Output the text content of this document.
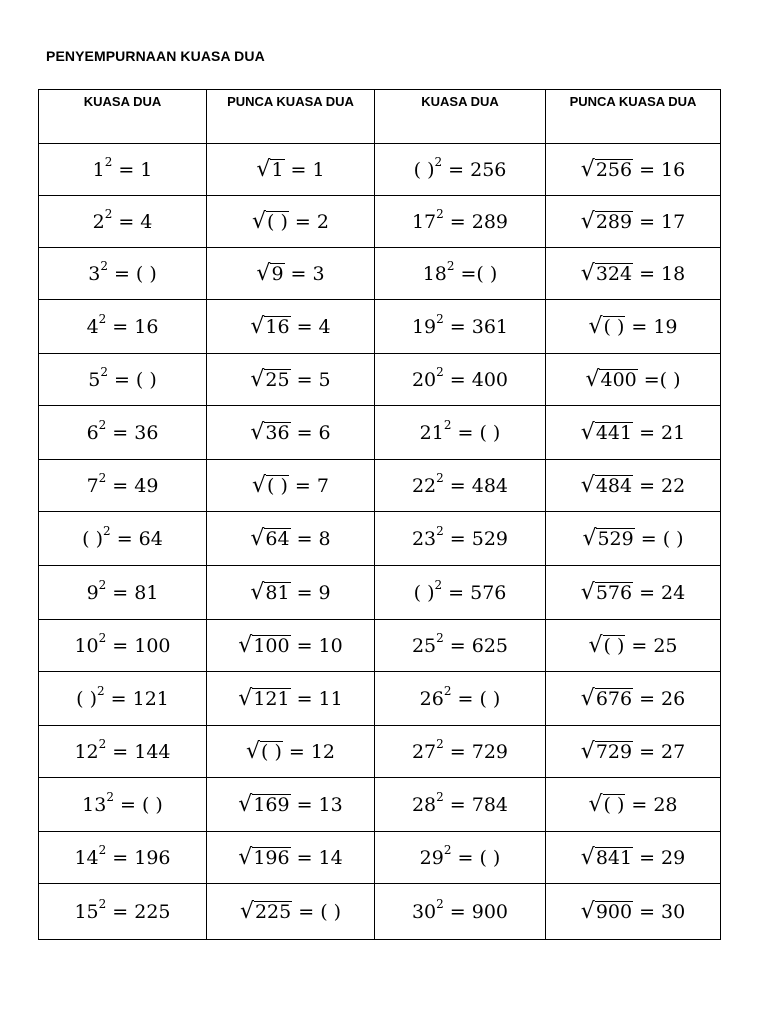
PENYEMPURNAAN KUASA DUA
KUASA DUA	PUNCA KUASA DUA	KUASA DUA	PUNCA KUASA DUA
$1^2 = 1$	√ 1 = 1	( )$^2$ = 256	√ 256 = 16
$2^2 = 4$	√ ( ) = 2	$17^2 = 289$	√ 289 = 17
$3^2$ = ( )	√ 9 = 3	$18^2$ =( )	√ 324 = 18
$4^2 = 16$	√ 16 = 4	$19^2 = 361$	√ ( ) = 19
$5^2$ = ( )	√ 25 = 5	$20^2 = 400$	√ 400 =( )
$6^2 = 36$	√ 36 = 6	$21^2$ = ( )	√ 441 = 21
$7^2 = 49$	√ ( ) = 7	$22^2 = 484$	√ 484 = 22
( )$^2$ = 64	√ 64 = 8	$23^2 = 529$	√ 529 = ( )
$9^2 = 81$	√ 81 = 9	( )$^2$ = 576	√ 576 = 24
$10^2 = 100$	√ 100 = 10	$25^2 = 625$	√ ( ) = 25
( )$^2$ = 121	√ 121 = 11	$26^2$ = ( )	√ 676 = 26
$12^2 = 144$	√ ( ) = 12	$27^2 = 729$	√ 729 = 27
$13^2$ = ( )	√ 169 = 13	$28^2 = 784$	√ ( ) = 28
$14^2 = 196$	√ 196 = 14	$29^2$ = ( )	√ 841 = 29
$15^2 = 225$	√ 225 = ( )	$30^2 = 900$	√ 900 = 30
